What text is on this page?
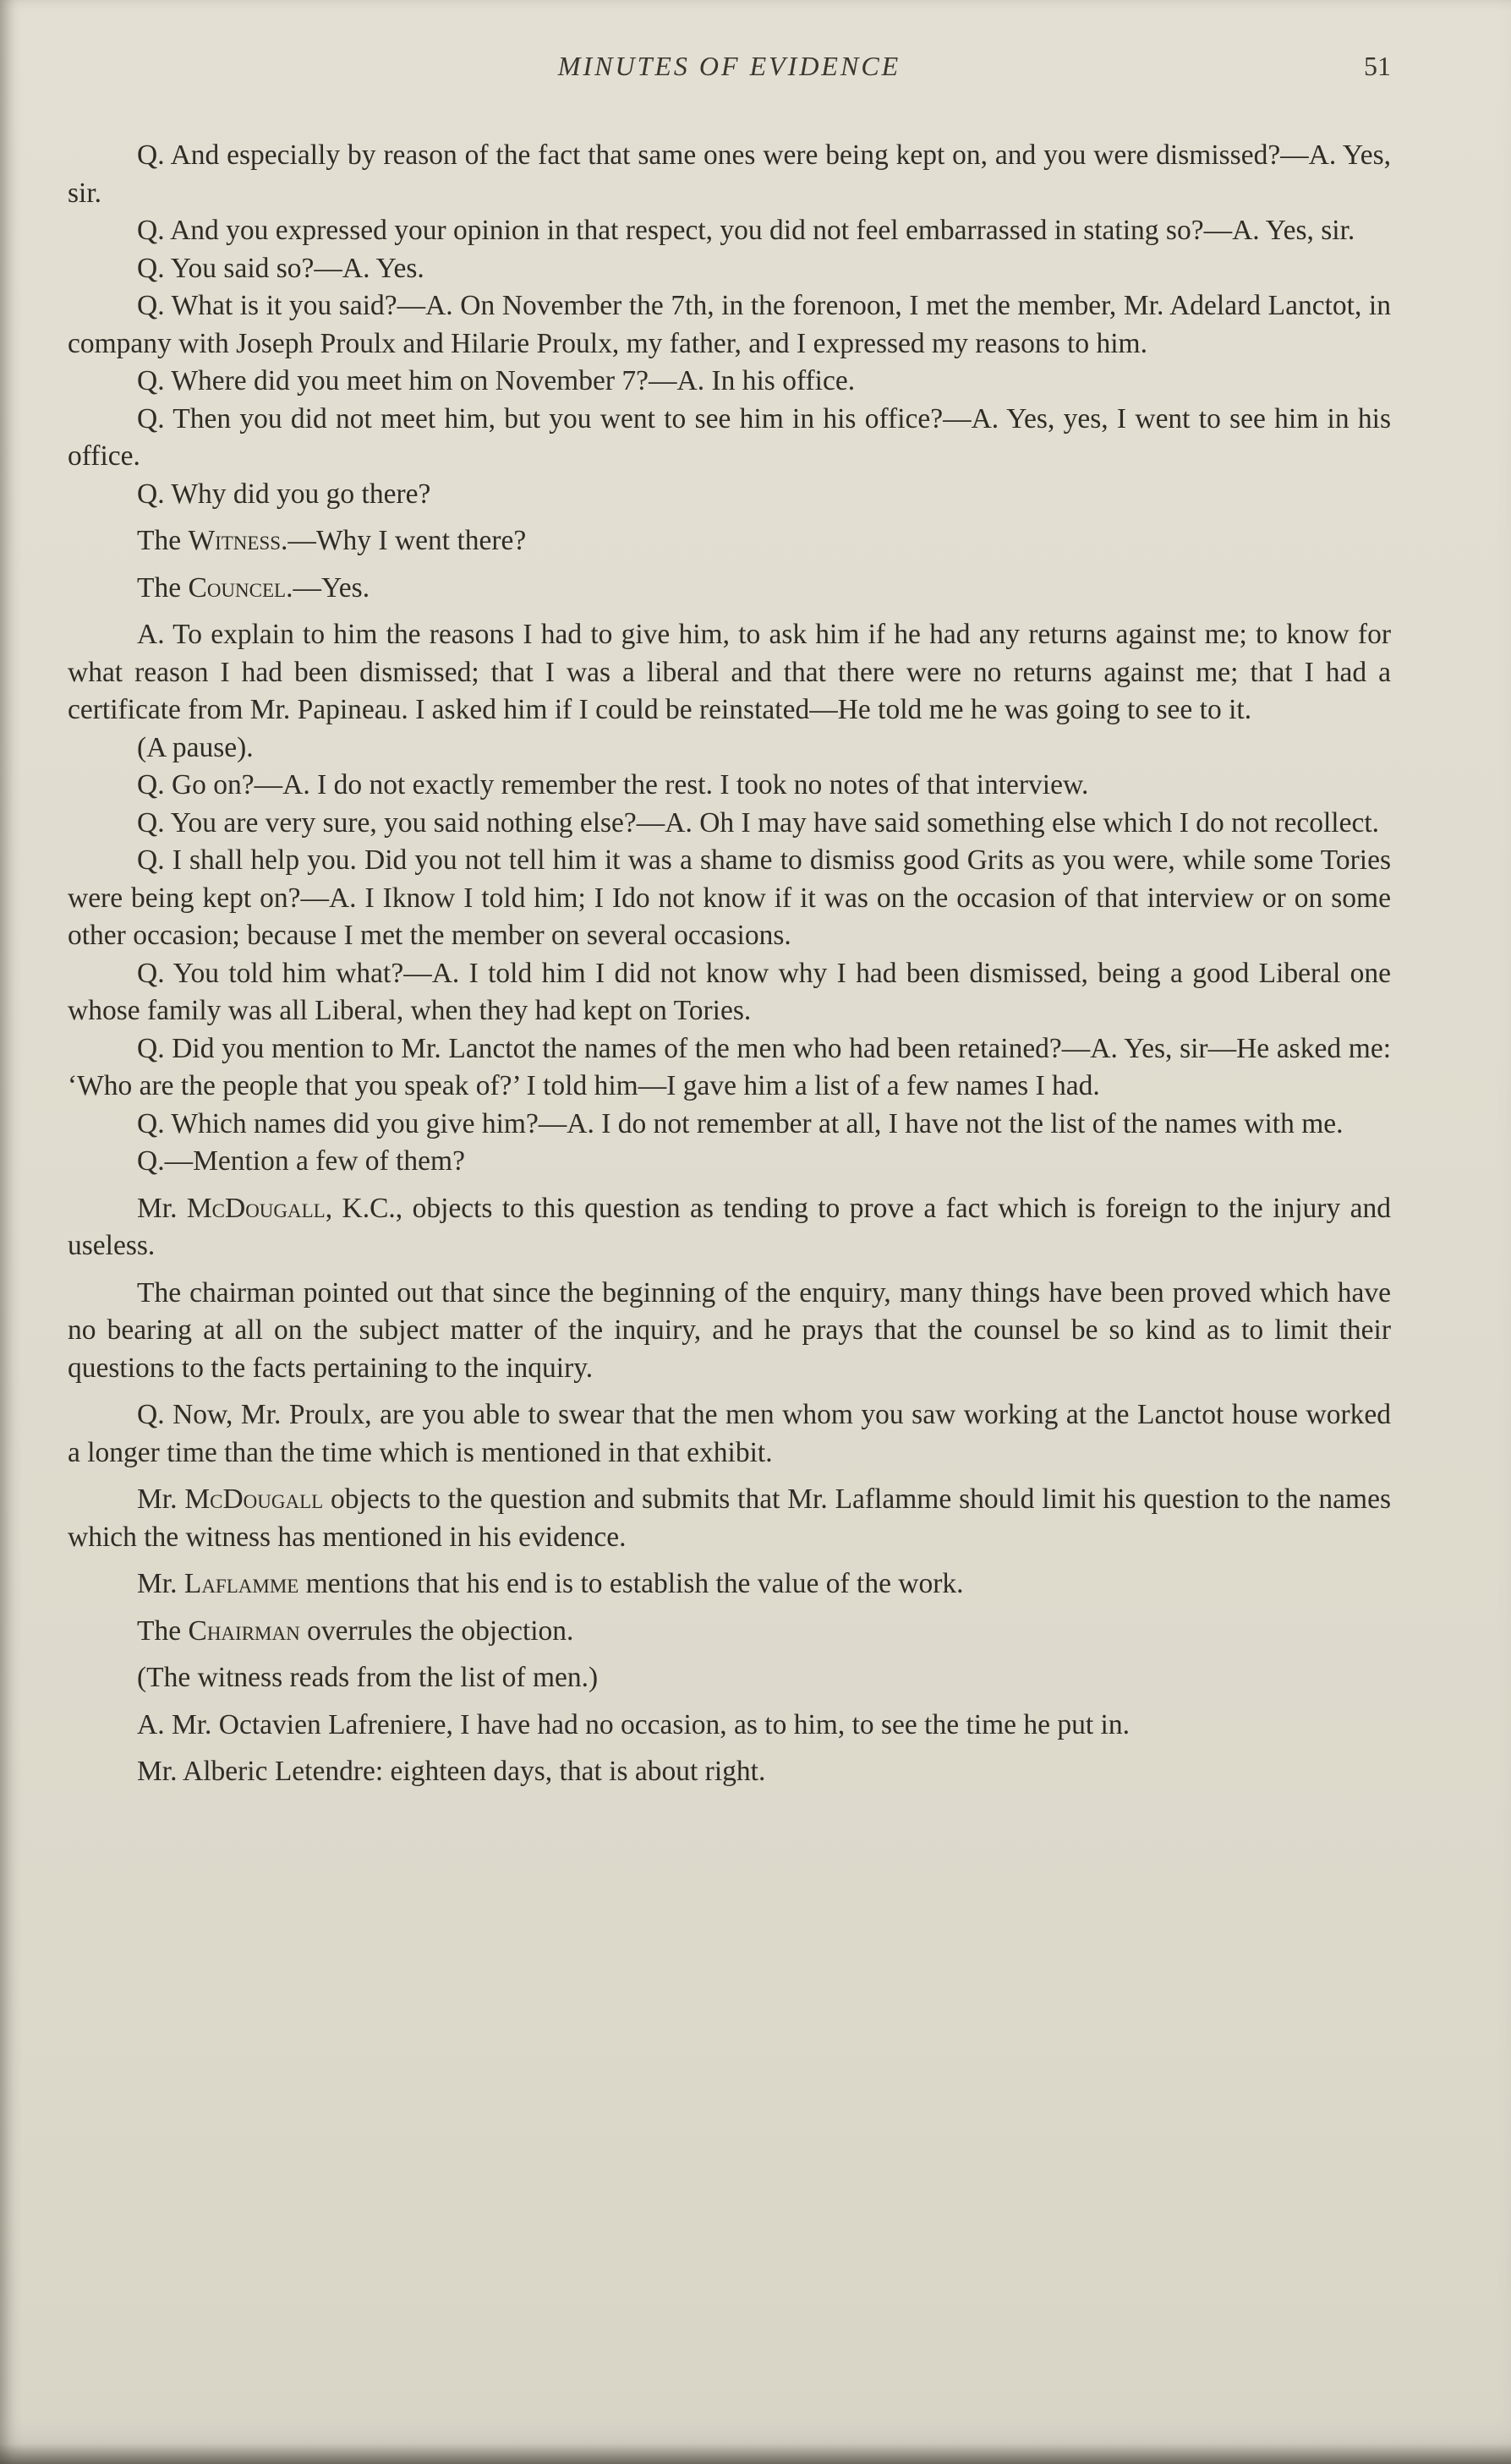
MINUTES OF EVIDENCE	51

Q. And especially by reason of the fact that same ones were being kept on, and you were dismissed?—A. Yes, sir.

Q. And you expressed your opinion in that respect, you did not feel embarrassed in stating so?—A. Yes, sir.

Q. You said so?—A. Yes.

Q. What is it you said?—A. On November the 7th, in the forenoon, I met the member, Mr. Adelard Lanctot, in company with Joseph Proulx and Hilarie Proulx, my father, and I expressed my reasons to him.

Q. Where did you meet him on November 7?—A. In his office.

Q. Then you did not meet him, but you went to see him in his office?—A. Yes, yes, I went to see him in his office.

Q. Why did you go there?

The Witness.—Why I went there?

The Councel.—Yes.

A. To explain to him the reasons I had to give him, to ask him if he had any returns against me; to know for what reason I had been dismissed; that I was a liberal and that there were no returns against me; that I had a certificate from Mr. Papineau. I asked him if I could be reinstated—He told me he was going to see to it.

(A pause).

Q. Go on?—A. I do not exactly remember the rest. I took no notes of that interview.

Q. You are very sure, you said nothing else?—A. Oh I may have said something else which I do not recollect.

Q. I shall help you. Did you not tell him it was a shame to dismiss good Grits as you were, while some Tories were being kept on?—A. I Iknow I told him; I Ido not know if it was on the occasion of that interview or on some other occasion; because I met the member on several occasions.

Q. You told him what?—A. I told him I did not know why I had been dismissed, being a good Liberal one whose family was all Liberal, when they had kept on Tories.

Q. Did you mention to Mr. Lanctot the names of the men who had been retained?—A. Yes, sir—He asked me: ‘Who are the people that you speak of?’ I told him—I gave him a list of a few names I had.

Q. Which names did you give him?—A. I do not remember at all, I have not the list of the names with me.

Q.—Mention a few of them?

Mr. McDougall, K.C., objects to this question as tending to prove a fact which is foreign to the injury and useless.

The chairman pointed out that since the beginning of the enquiry, many things have been proved which have no bearing at all on the subject matter of the inquiry, and he prays that the counsel be so kind as to limit their questions to the facts pertaining to the inquiry.

Q. Now, Mr. Proulx, are you able to swear that the men whom you saw working at the Lanctot house worked a longer time than the time which is mentioned in that exhibit.

Mr. McDougall objects to the question and submits that Mr. Laflamme should limit his question to the names which the witness has mentioned in his evidence.

Mr. Laflamme mentions that his end is to establish the value of the work.

The Chairman overrules the objection.

(The witness reads from the list of men.)

A. Mr. Octavien Lafreniere, I have had no occasion, as to him, to see the time he put in.

Mr. Alberic Letendre: eighteen days, that is about right.
